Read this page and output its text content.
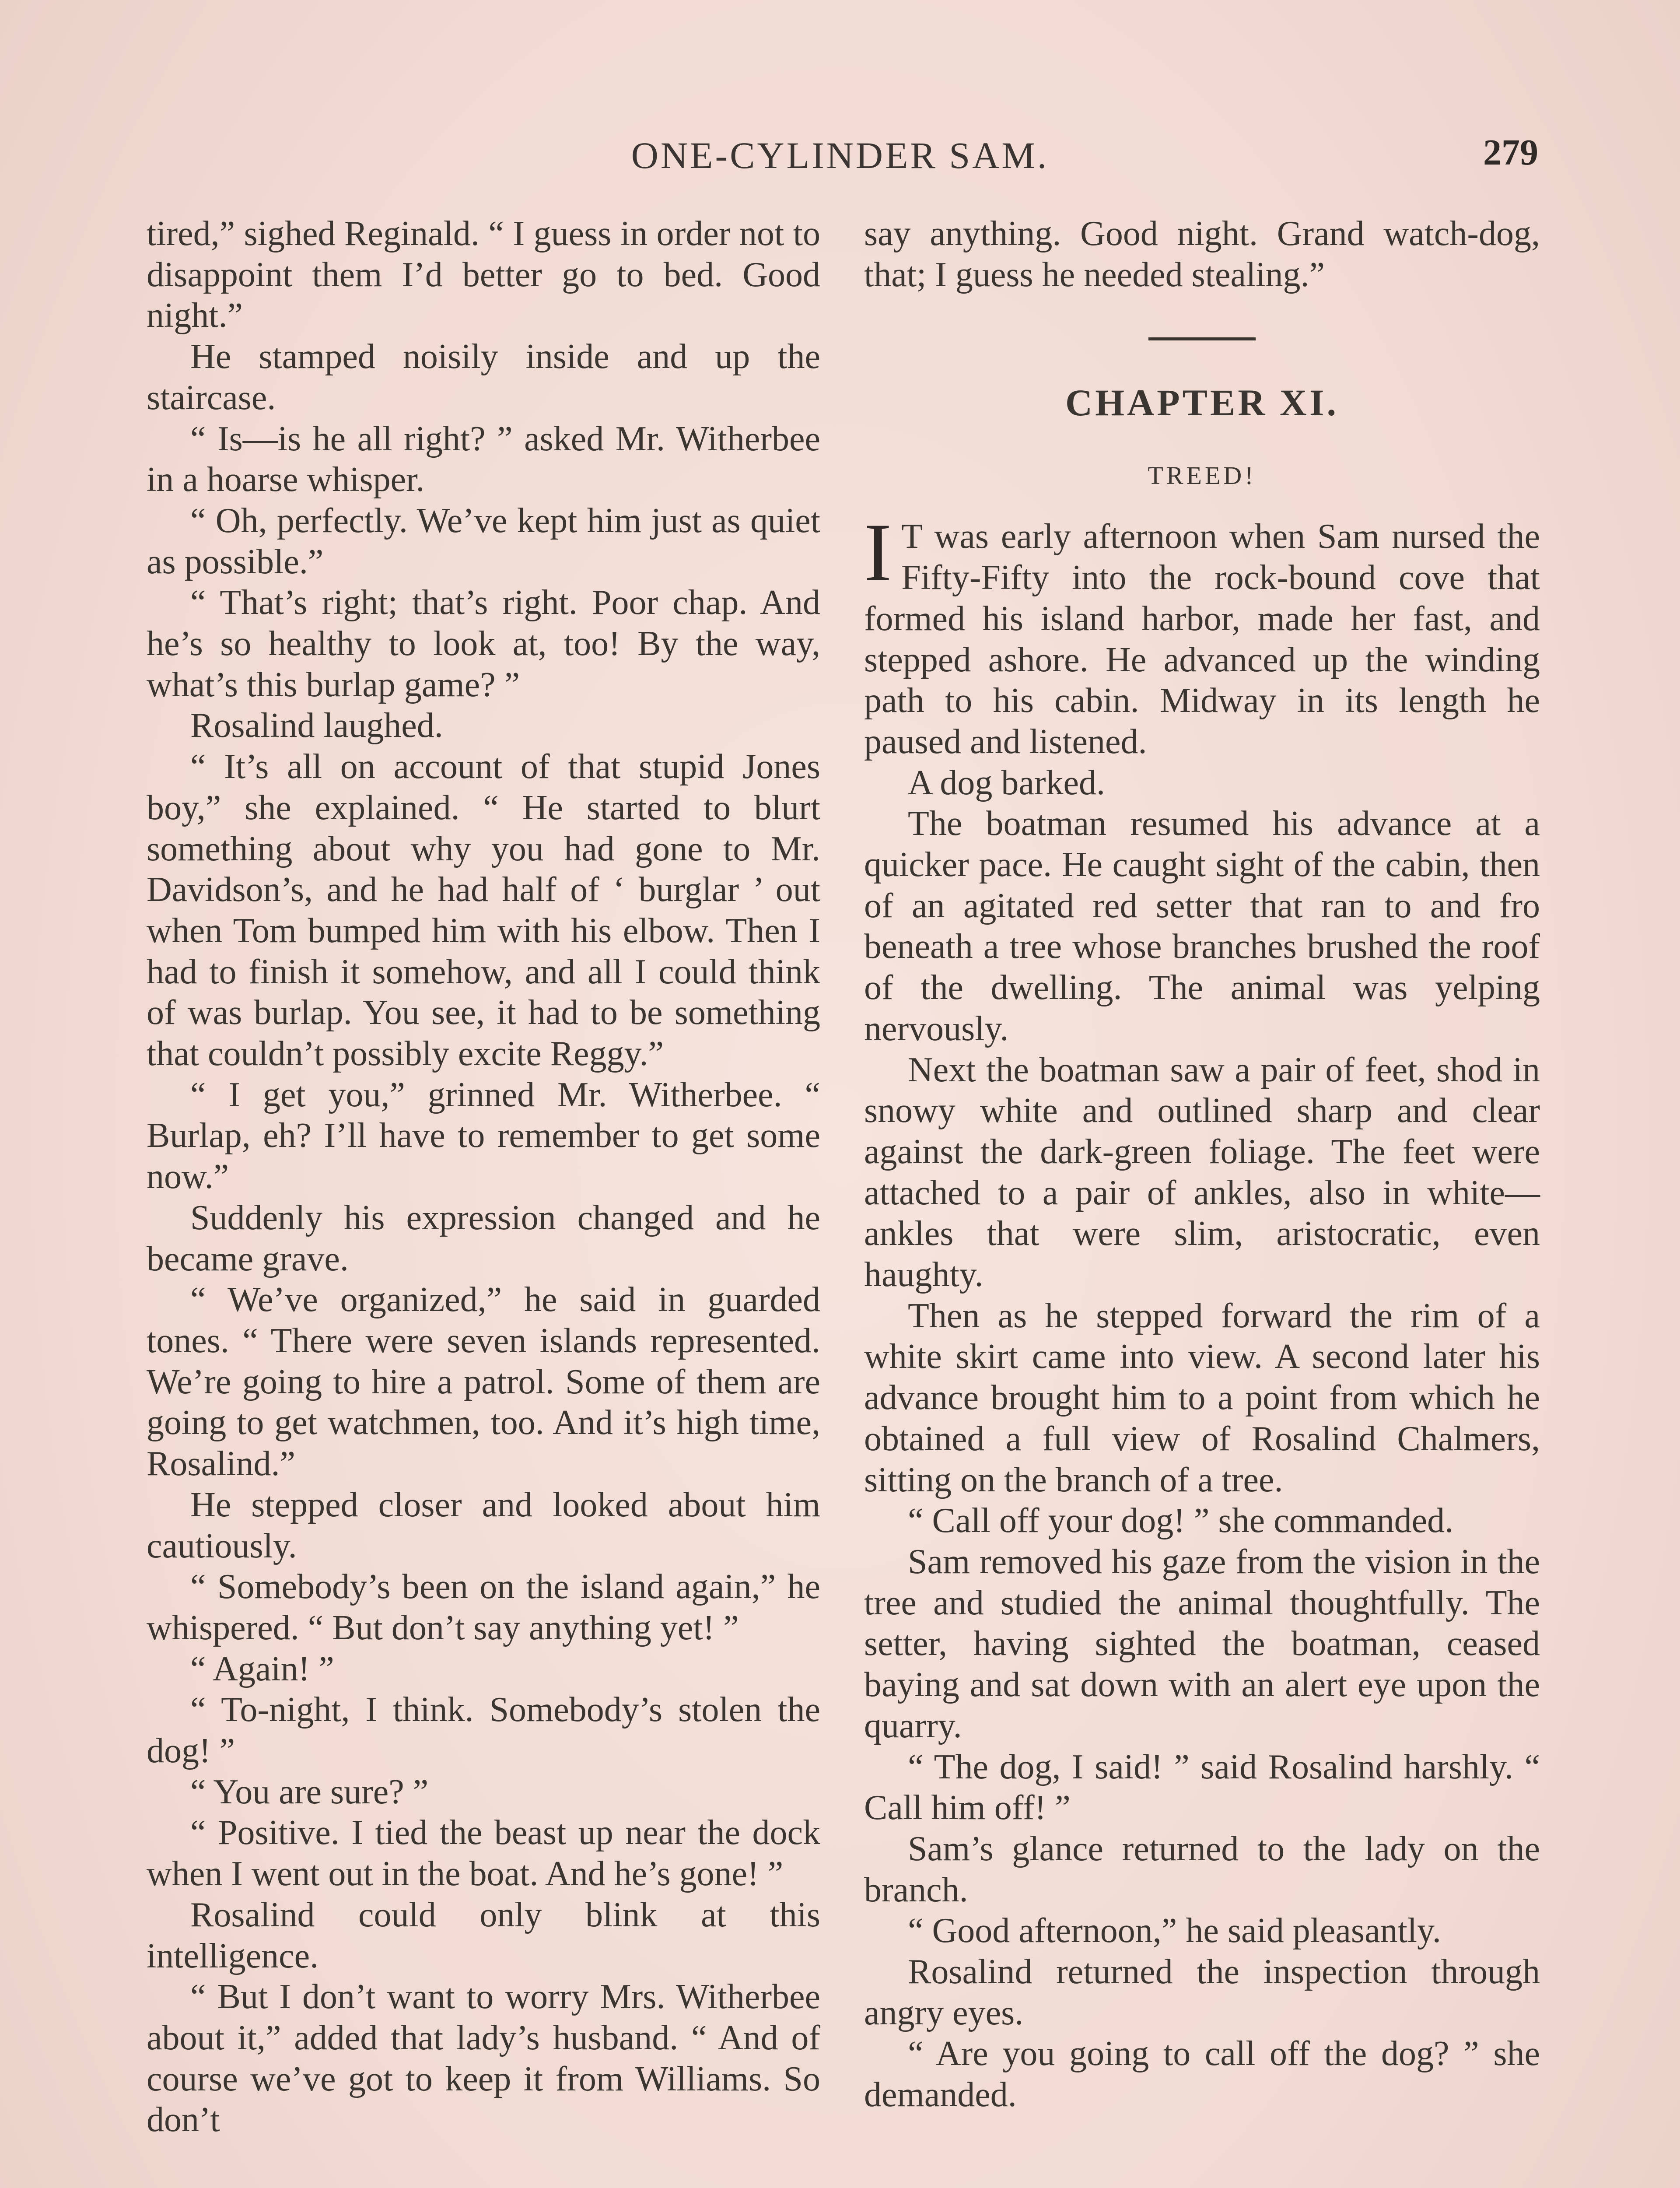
ONE-CYLINDER SAM.	279

tired,” sighed Reginald. “ I guess in order not to disappoint them I’d better go to bed. Good night.”

He stamped noisily inside and up the staircase.

“ Is—is he all right? ” asked Mr. Witherbee in a hoarse whisper.

“ Oh, perfectly. We’ve kept him just as quiet as possible.”

“ That’s right; that’s right. Poor chap. And he’s so healthy to look at, too! By the way, what’s this burlap game? ”

Rosalind laughed.

“ It’s all on account of that stupid Jones boy,” she explained. “ He started to blurt something about why you had gone to Mr. Davidson’s, and he had half of ‘ burglar ’ out when Tom bumped him with his elbow. Then I had to finish it somehow, and all I could think of was burlap. You see, it had to be something that couldn’t possibly excite Reggy.”

“ I get you,” grinned Mr. Witherbee. “ Burlap, eh? I’ll have to remember to get some now.”

Suddenly his expression changed and he became grave.

“ We’ve organized,” he said in guarded tones. “ There were seven islands represented. We’re going to hire a patrol. Some of them are going to get watchmen, too. And it’s high time, Rosalind.”

He stepped closer and looked about him cautiously.

“ Somebody’s been on the island again,” he whispered. “ But don’t say anything yet! ”

“ Again! ”

“ To-night, I think. Somebody’s stolen the dog! ”

“ You are sure? ”

“ Positive. I tied the beast up near the dock when I went out in the boat. And he’s gone! ”

Rosalind could only blink at this intelligence.

“ But I don’t want to worry Mrs. Witherbee about it,” added that lady’s husband. “ And of course we’ve got to keep it from Williams. So don’t

say anything. Good night. Grand watch-dog, that; I guess he needed stealing.”

CHAPTER XI.
TREED!

I T was early afternoon when Sam nursed the Fifty-Fifty into the rock-bound cove that formed his island harbor, made her fast, and stepped ashore. He advanced up the winding path to his cabin. Midway in its length he paused and listened.

A dog barked.

The boatman resumed his advance at a quicker pace. He caught sight of the cabin, then of an agitated red setter that ran to and fro beneath a tree whose branches brushed the roof of the dwelling. The animal was yelping nervously.

Next the boatman saw a pair of feet, shod in snowy white and outlined sharp and clear against the dark-green foliage. The feet were attached to a pair of ankles, also in white—ankles that were slim, aristocratic, even haughty.

Then as he stepped forward the rim of a white skirt came into view. A second later his advance brought him to a point from which he obtained a full view of Rosalind Chalmers, sitting on the branch of a tree.

“ Call off your dog! ” she commanded.

Sam removed his gaze from the vision in the tree and studied the animal thoughtfully. The setter, having sighted the boatman, ceased baying and sat down with an alert eye upon the quarry.

“ The dog, I said! ” said Rosalind harshly. “ Call him off! ”

Sam’s glance returned to the lady on the branch.

“ Good afternoon,” he said pleasantly.

Rosalind returned the inspection through angry eyes.

“ Are you going to call off the dog? ” she demanded.
